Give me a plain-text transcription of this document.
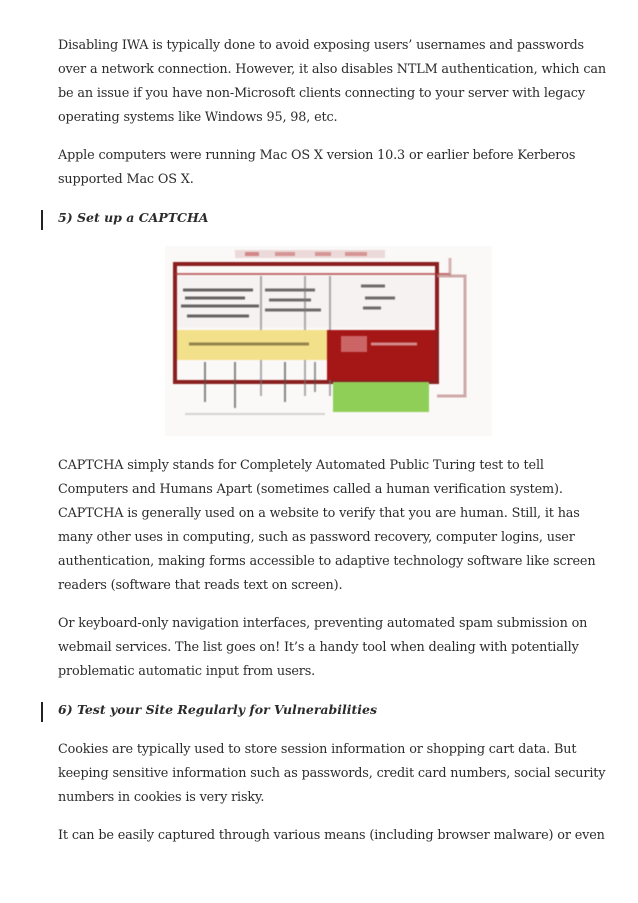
Disabling IWA is typically done to avoid exposing users’ usernames and passwords over a network connection. However, it also disables NTLM authentication, which can be an issue if you have non-Microsoft clients connecting to your server with legacy operating systems like Windows 95, 98, etc.

Apple computers were running Mac OS X version 10.3 or earlier before Kerberos supported Mac OS X.

5) Set up a CAPTCHA

CAPTCHA simply stands for Completely Automated Public Turing test to tell Computers and Humans Apart (sometimes called a human verification system). CAPTCHA is generally used on a website to verify that you are human. Still, it has many other uses in computing, such as password recovery, computer logins, user authentication, making forms accessible to adaptive technology software like screen readers (software that reads text on screen).

Or keyboard-only navigation interfaces, preventing automated spam submission on webmail services. The list goes on! It’s a handy tool when dealing with potentially problematic automatic input from users.

6) Test your Site Regularly for Vulnerabilities

Cookies are typically used to store session information or shopping cart data. But keeping sensitive information such as passwords, credit card numbers, social security numbers in cookies is very risky.

It can be easily captured through various means (including browser malware) or even
